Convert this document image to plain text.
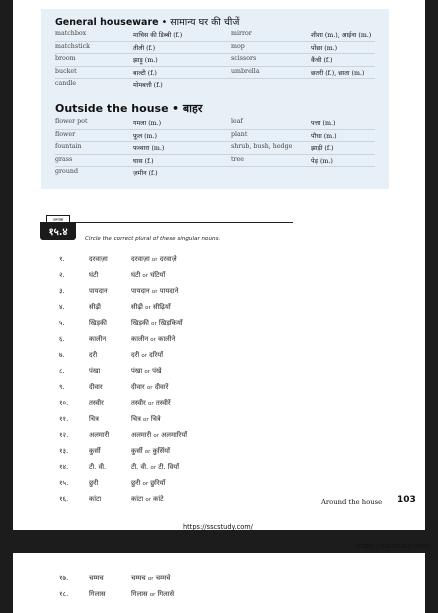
General houseware • सामान्य घर की चीजें
matchbox	माचिस की डिब्बी (f.)	mirror	शीशा (m.), आईना (m.)
matchstick	तीली (f.)	mop	पोंछा (m.)
broom	झाड़ू (m.)	scissors	कैंची (f.)
bucket	बाल्टी (f.)	umbrella	छतरी (f.), छाता (m.)
candle	मोमबत्ती (f.)
Outside the house • बाहर
flower pot	गमला (m.)	leaf	पत्ता (m.)
flower	फूल (m.)	plant	पौधा (m.)
fountain	फव्वारा (m.)	shrub, bush, hedge	झाड़ी (f.)
grass	घास (f.)	tree	पेड़ (m.)
ground	ज़मीन (f.)
अभ्यास
१५.४
Circle the correct plural of these singular nouns.
१.	दरवाज़ा	दरवाज़ा or दरवाज़े
२.	घंटी	घंटी or घंटियाँ
३.	पायदान	पायदान or पायदाने
४.	सीढ़ी	सीढ़ी or सीढ़ियाँ
५.	खिड़की	खिड़की or खिड़कियाँ
६.	कालीन	कालीन or कालीने
७.	दरी	दरी or दरियाँ
८.	पंखा	पंखा or पंखे
९.	दीवार	दीवार or दीवारें
१०.	तस्वीर	तस्वीर or तस्वीरें
११.	चित्र	चित्र or चित्रे
१२.	अलमारी	अलमारी or अलमारियाँ
१३.	कुर्सी	कुर्सी or कुर्सियाँ
१४.	टी. वी.	टी. वी. or टी. वियाँ
१५.	छुरी	छुरी or छुरियाँ
१६.	कांटा	कांटा or कांटे	Around the house 103
https://sscstudy.com/
https://sscstudy.com/
१७.	चम्मच	चम्मच or चम्मचे
१८.	गिलास	गिलास or गिलासे
